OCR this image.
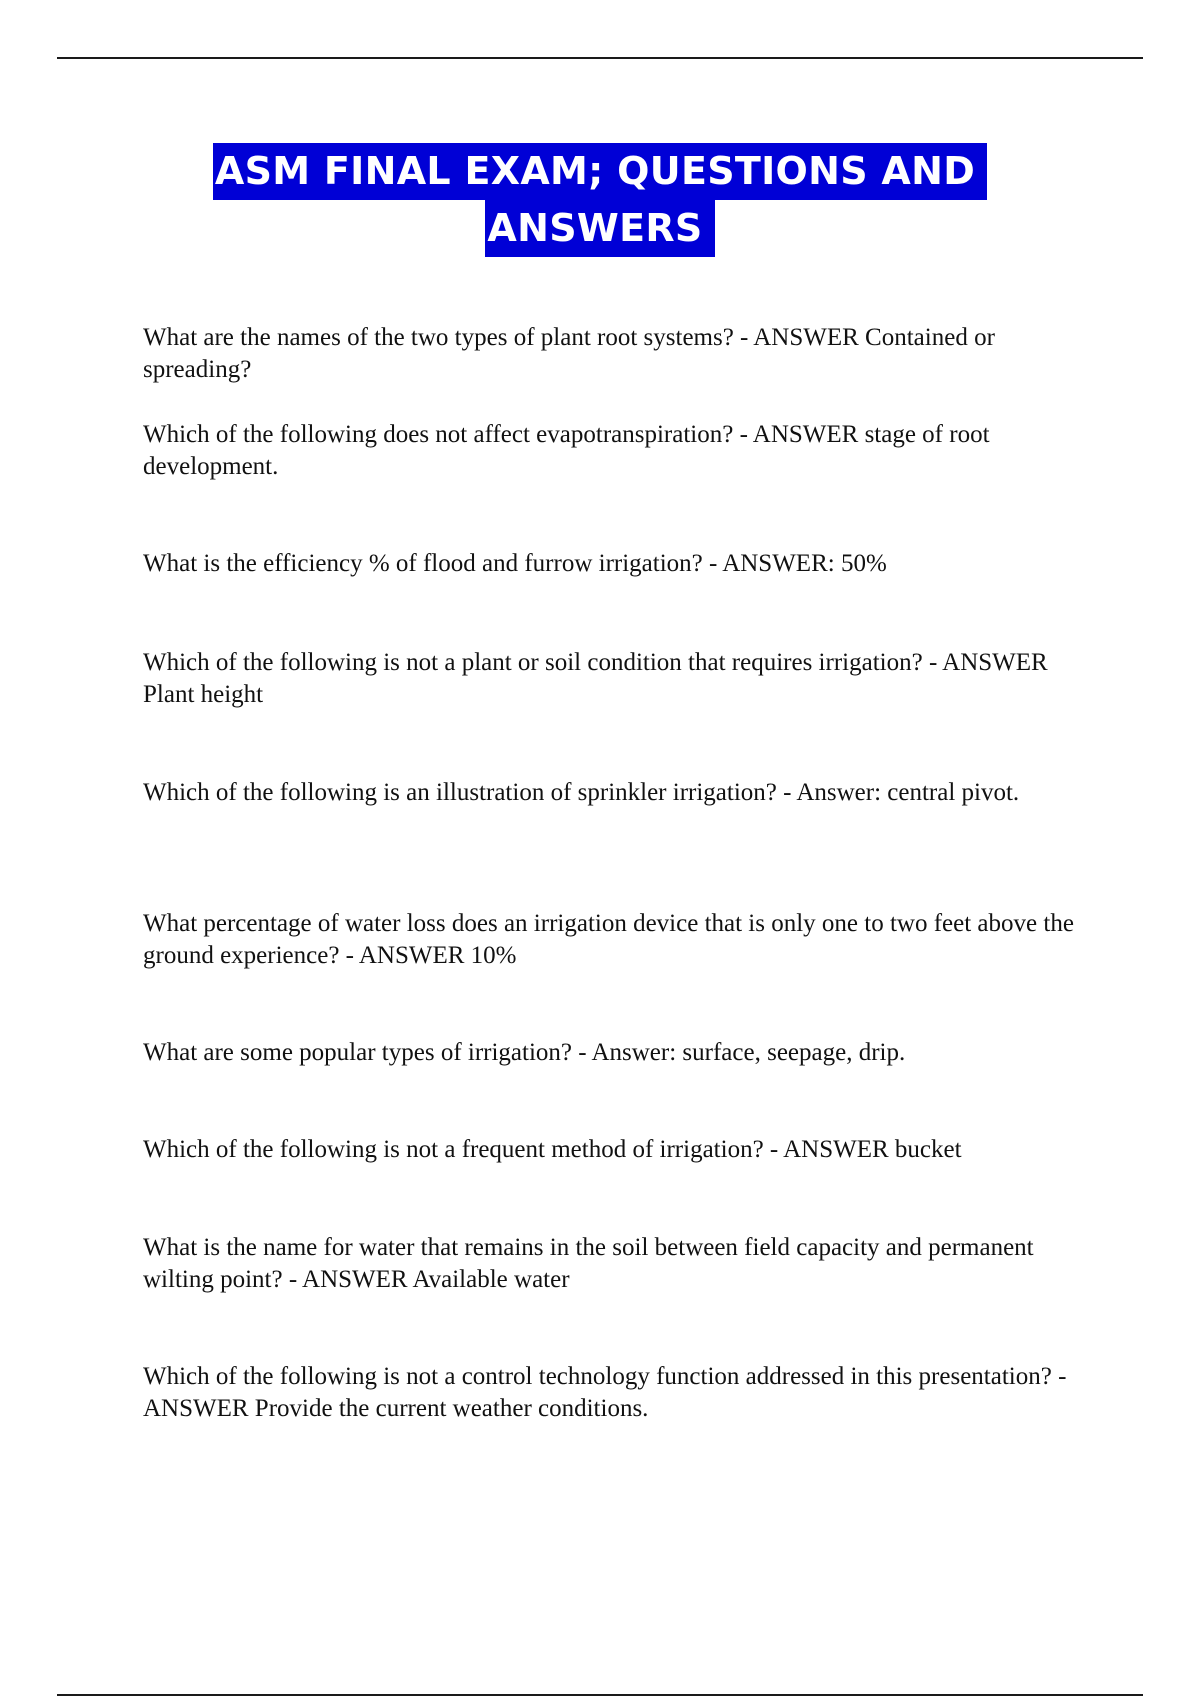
ASM FINAL EXAM; QUESTIONS AND
ANSWERS

What are the names of the two types of plant root systems? - ANSWER Contained or spreading?

Which of the following does not affect evapotranspiration? - ANSWER stage of root development.

What is the efficiency % of flood and furrow irrigation? - ANSWER: 50%

Which of the following is not a plant or soil condition that requires irrigation? - ANSWER Plant height

Which of the following is an illustration of sprinkler irrigation? - Answer: central pivot.

What percentage of water loss does an irrigation device that is only one to two feet above the ground experience? - ANSWER 10%

What are some popular types of irrigation? - Answer: surface, seepage, drip.

Which of the following is not a frequent method of irrigation? - ANSWER bucket

What is the name for water that remains in the soil between field capacity and permanent wilting point? - ANSWER Available water

Which of the following is not a control technology function addressed in this presentation? - ANSWER Provide the current weather conditions.
